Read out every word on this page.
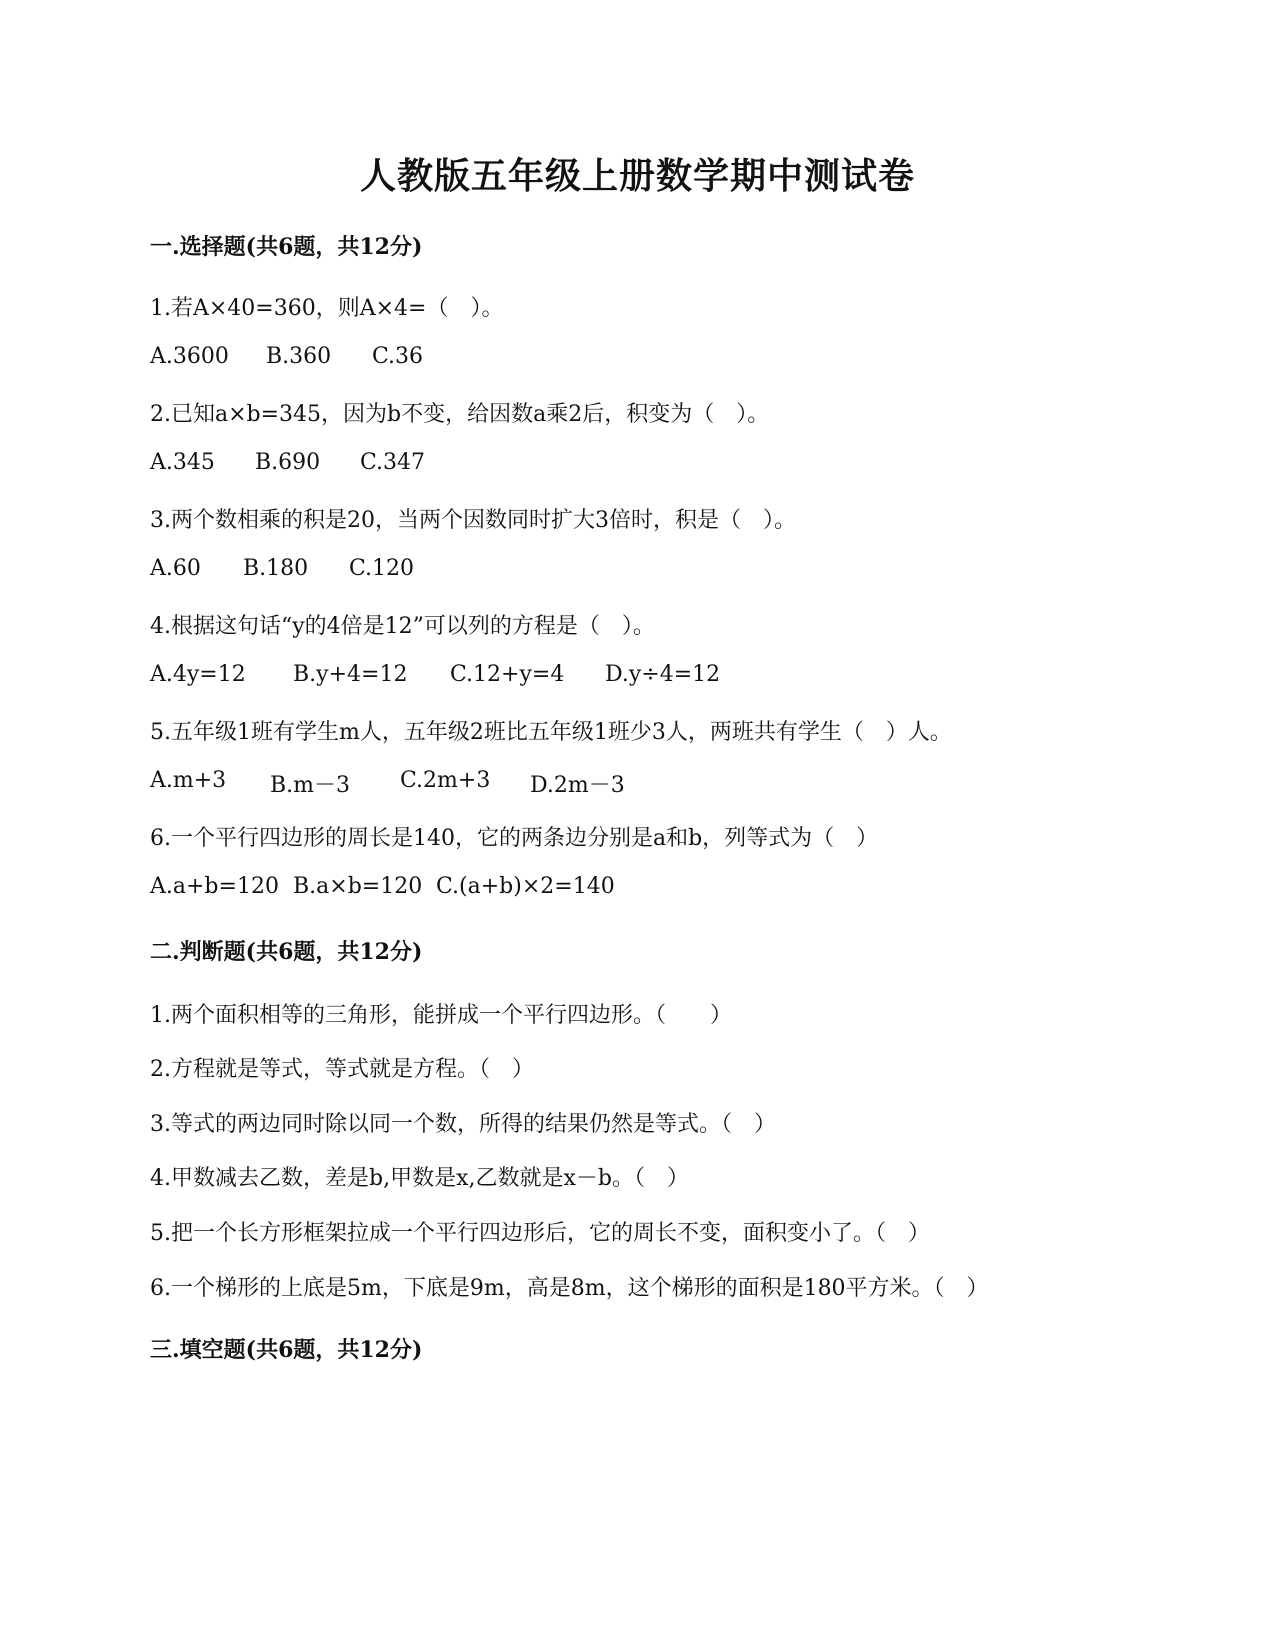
人教版五年级上册数学期中测试卷
一.选择题(共6题，共12分)
1.若A×40=360，则A×4=（　）。
A.3600	B.360	C.36
2.已知a×b=345，因为b不变，给因数a乘2后，积变为（　）。
A.345	B.690	C.347
3.两个数相乘的积是20，当两个因数同时扩大3倍时，积是（　）。
A.60	B.180	C.120
4.根据这句话“y的4倍是12”可以列的方程是（　）。
A.4y=12	B.y+4=12	C.12+y=4	D.y÷4=12
5.五年级1班有学生m人，五年级2班比五年级1班少3人，两班共有学生（　）人。
A.m+3	B.m－3	C.2m+3	D.2m－3
6.一个平行四边形的周长是140，它的两条边分别是a和b，列等式为（　）
A.a+b=120 B.a×b=120 C.(a+b)×2=140
二.判断题(共6题，共12分)
1.两个面积相等的三角形，能拼成一个平行四边形。（　　）
2.方程就是等式，等式就是方程。（　）
3.等式的两边同时除以同一个数，所得的结果仍然是等式。（　）
4.甲数减去乙数，差是b,甲数是x,乙数就是x－b。（　）
5.把一个长方形框架拉成一个平行四边形后，它的周长不变，面积变小了。（　）
6.一个梯形的上底是5m，下底是9m，高是8m，这个梯形的面积是180平方米。（　）
三.填空题(共6题，共12分)
